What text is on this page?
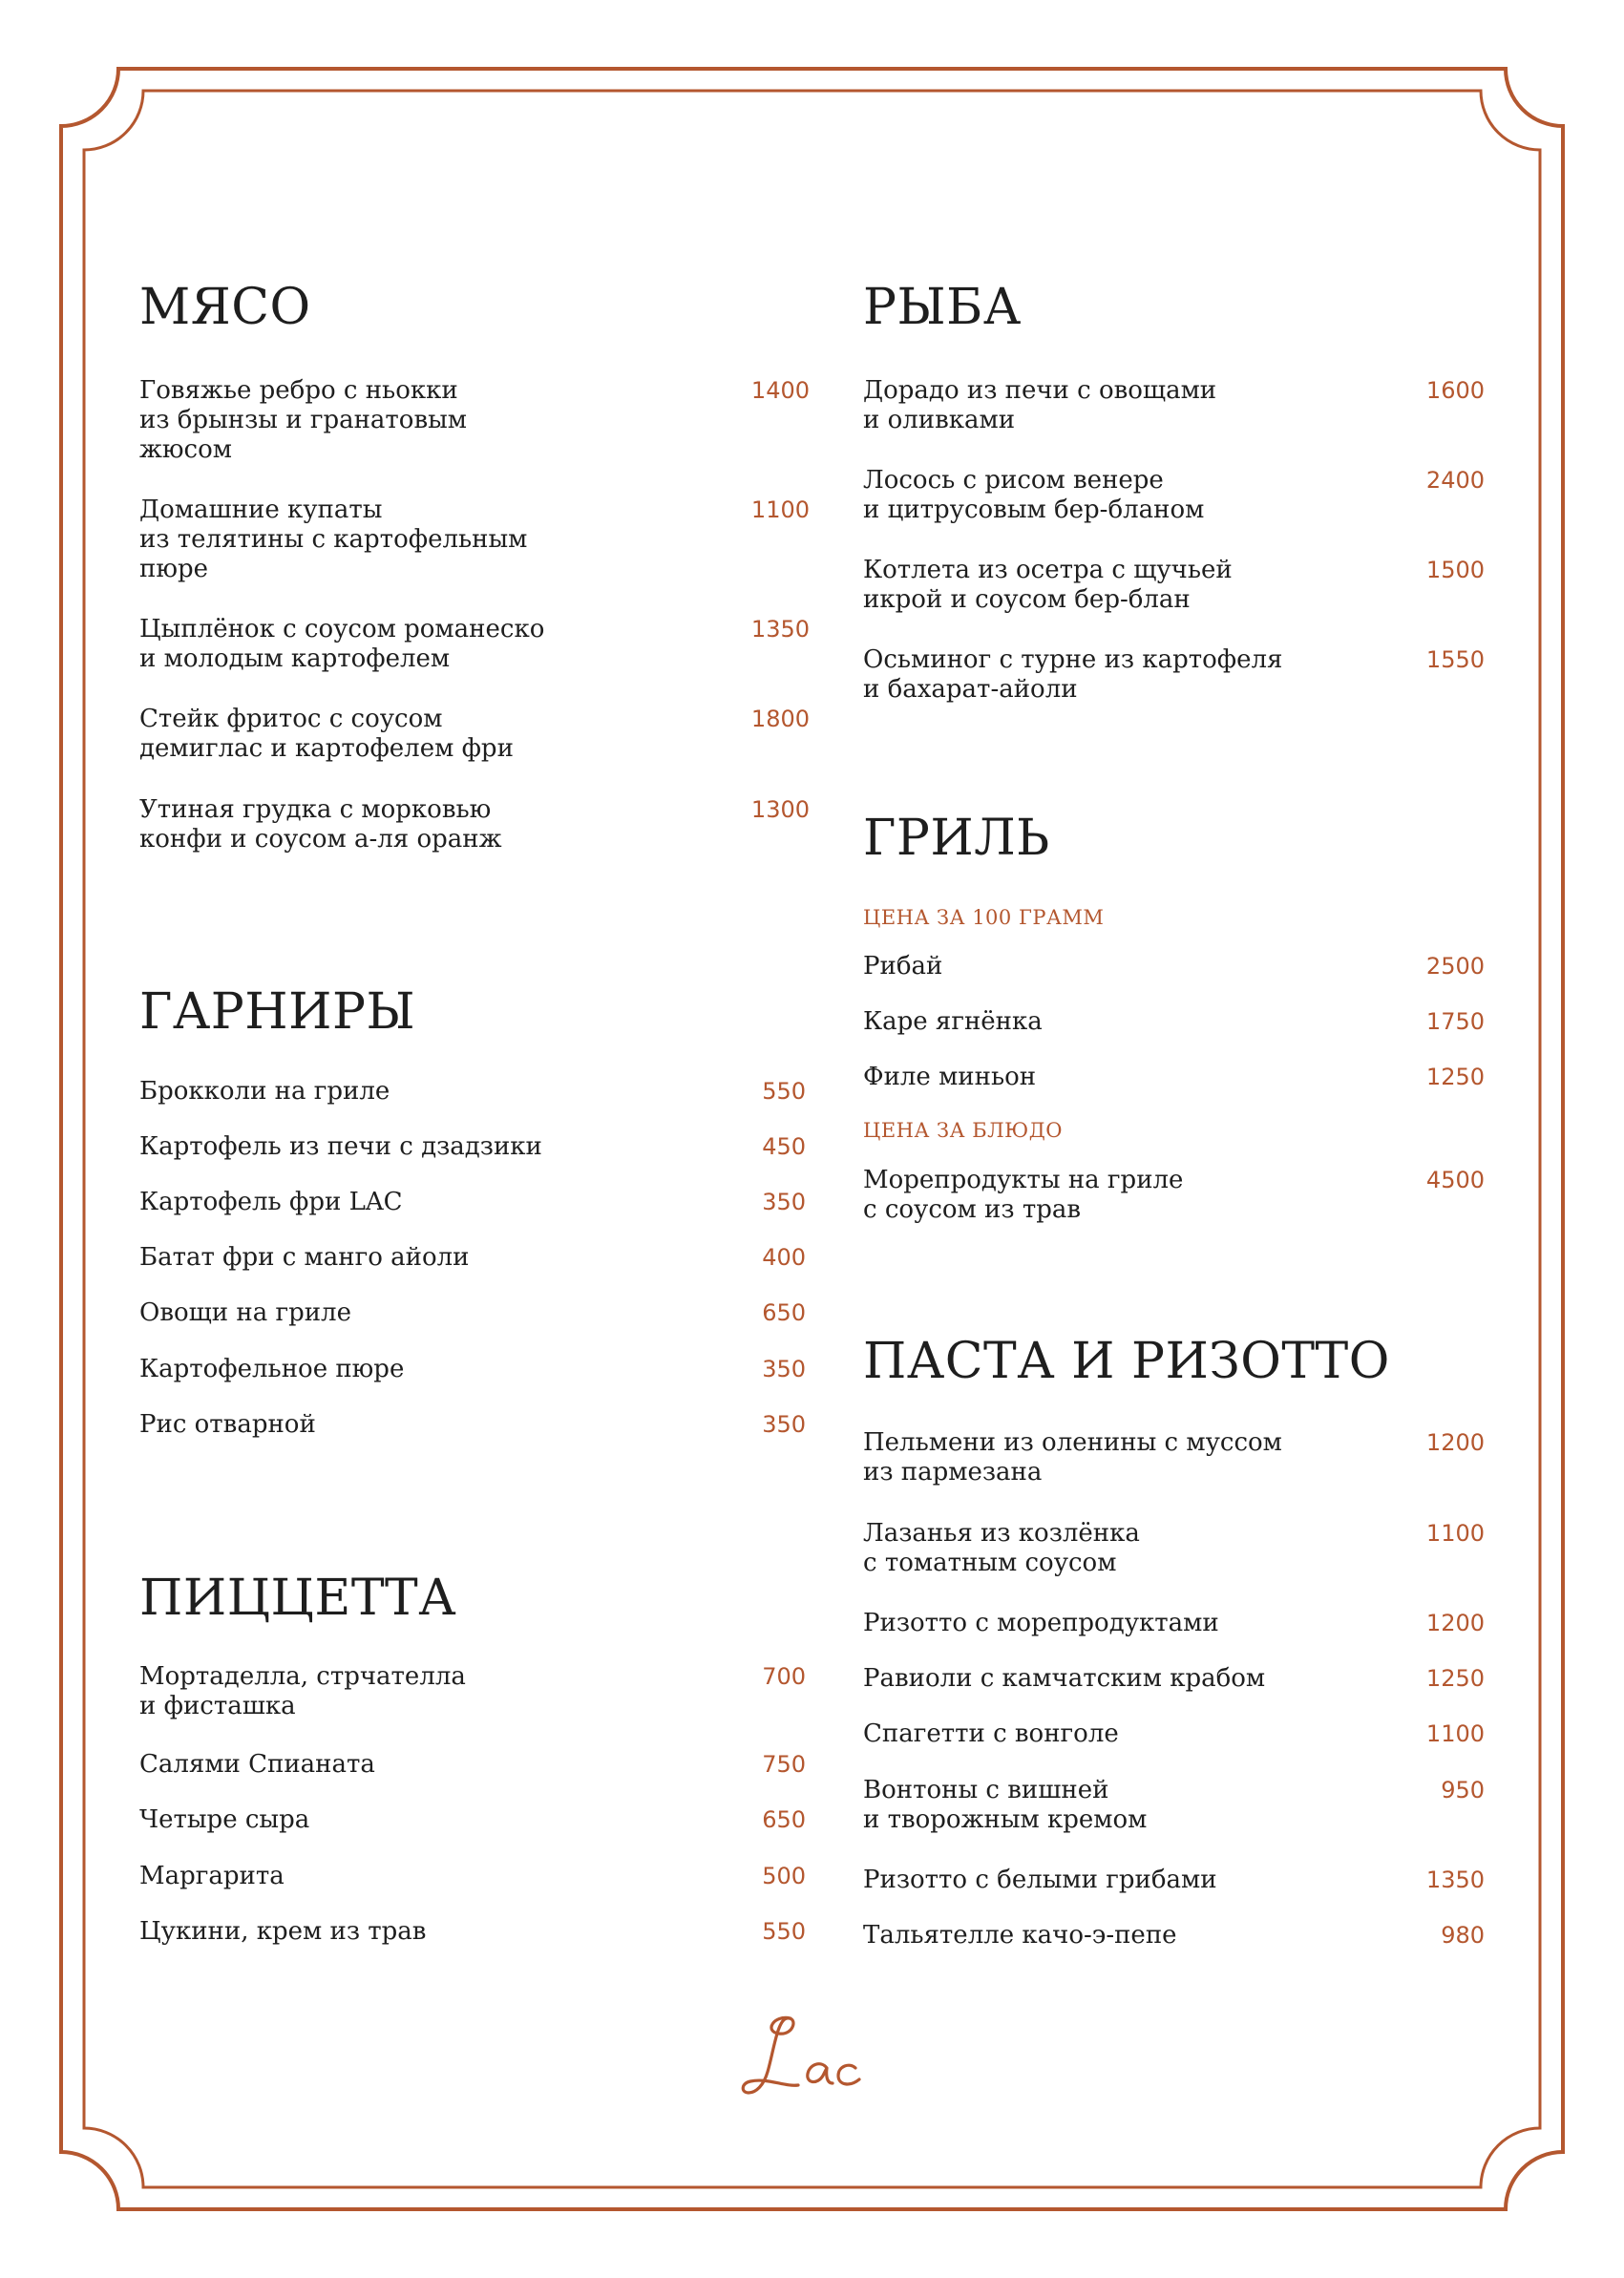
МЯСО
Говяжье ребро с ньокки
из брынзы и гранатовым
жюсом
1400
Домашние купаты
из телятины с картофельным
пюре
1100
Цыплёнок с соусом романеско
и молодым картофелем
1350
Стейк фритос с соусом
демиглас и картофелем фри
1800
Утиная грудка с морковью
конфи и соусом а-ля оранж
1300
ГАРНИРЫ
Брокколи на гриле	550
Картофель из печи с дзадзики	450
Картофель фри LAC	350
Батат фри с манго айоли	400
Овощи на гриле	650
Картофельное пюре	350
Рис отварной	350
ПИЦЦЕТТА
Мортаделла, стрчателла
и фисташка
700
Салями Спианата	750
Четыре сыра	650
Маргарита	500
Цукини, крем из трав	550
РЫБА
Дорадо из печи с овощами
и оливками
1600
Лосось с рисом венере
и цитрусовым бер-бланом
2400
Котлета из осетра с щучьей
икрой и соусом бер-блан
1500
Осьминог с турне из картофеля
и бахарат-айоли
1550
ГРИЛЬ
ЦЕНА ЗА 100 ГРАММ
Рибай	2500
Каре ягнёнка	1750
Филе миньон	1250
ЦЕНА ЗА БЛЮДО
Морепродукты на гриле
с соусом из трав
4500
ПАСТА И РИЗОТТО
Пельмени из оленины с муссом
из пармезана
1200
Лазанья из козлёнка
с томатным соусом
1100
Ризотто с морепродуктами	1200
Равиоли с камчатским крабом	1250
Спагетти с вонголе	1100
Вонтоны с вишней
и творожным кремом
950
Ризотто с белыми грибами	1350
Тальятелле качо-э-пепе	980
